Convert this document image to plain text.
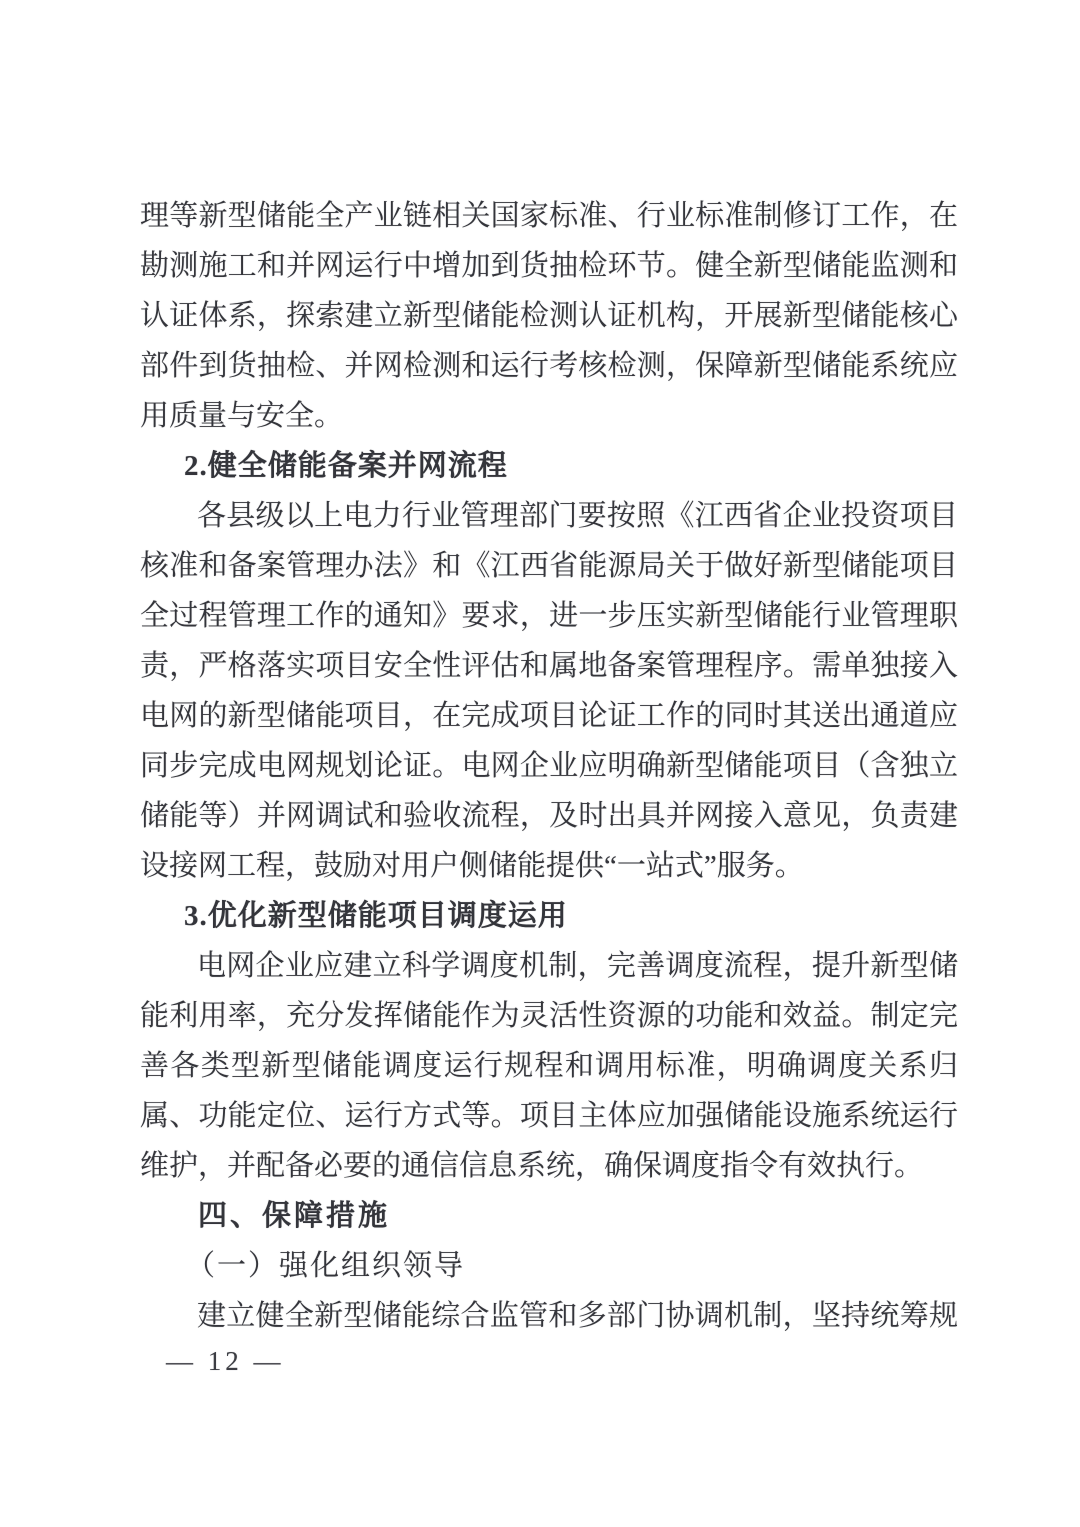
理等新型储能全产业链相关国家标准、行业标准制修订工作，在
勘测施工和并网运行中增加到货抽检环节。健全新型储能监测和
认证体系，探索建立新型储能检测认证机构，开展新型储能核心
部件到货抽检、并网检测和运行考核检测，保障新型储能系统应
用质量与安全。
2.健全储能备案并网流程
各县级以上电力行业管理部门要按照《江西省企业投资项目
核准和备案管理办法》和《江西省能源局关于做好新型储能项目
全过程管理工作的通知》要求，进一步压实新型储能行业管理职
责，严格落实项目安全性评估和属地备案管理程序。需单独接入
电网的新型储能项目，在完成项目论证工作的同时其送出通道应
同步完成电网规划论证。电网企业应明确新型储能项目（含独立
储能等）并网调试和验收流程，及时出具并网接入意见，负责建
设接网工程，鼓励对用户侧储能提供“一站式”服务。
3.优化新型储能项目调度运用
电网企业应建立科学调度机制，完善调度流程，提升新型储
能利用率，充分发挥储能作为灵活性资源的功能和效益。制定完
善各类型新型储能调度运行规程和调用标准，明确调度关系归
属、功能定位、运行方式等。项目主体应加强储能设施系统运行
维护，并配备必要的通信信息系统，确保调度指令有效执行。
四、保障措施
（一）强化组织领导
建立健全新型储能综合监管和多部门协调机制，坚持统筹规
— 12 —
